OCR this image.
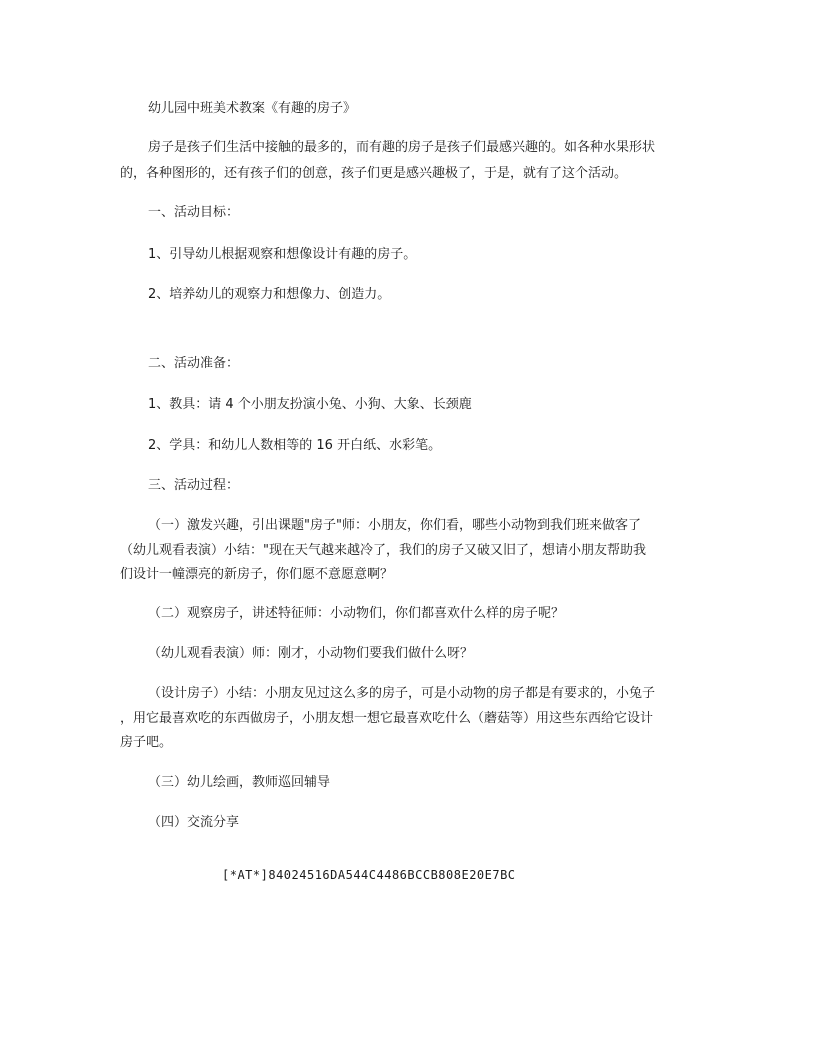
幼儿园中班美术教案《有趣的房子》
房子是孩子们生活中接触的最多的，而有趣的房子是孩子们最感兴趣的。如各种水果形状
的，各种图形的，还有孩子们的创意，孩子们更是感兴趣极了，于是，就有了这个活动。
一、活动目标：
1、引导幼儿根据观察和想像设计有趣的房子。
2、培养幼儿的观察力和想像力、创造力。
二、活动准备：
1、教具：请 4 个小朋友扮演小兔、小狗、大象、长颈鹿
2、学具：和幼儿人数相等的 16 开白纸、水彩笔。
三、活动过程：
（一）激发兴趣，引出课题"房子"师：小朋友，你们看，哪些小动物到我们班来做客了
（幼儿观看表演）小结："现在天气越来越冷了，我们的房子又破又旧了，想请小朋友帮助我
们设计一幢漂亮的新房子，你们愿不意愿意啊？
（二）观察房子，讲述特征师：小动物们，你们都喜欢什么样的房子呢？
（幼儿观看表演）师：刚才，小动物们要我们做什么呀？
（设计房子）小结：小朋友见过这么多的房子，可是小动物的房子都是有要求的，小兔子
，用它最喜欢吃的东西做房子，小朋友想一想它最喜欢吃什么（蘑菇等）用这些东西给它设计
房子吧。
（三）幼儿绘画，教师巡回辅导
（四）交流分享
[*AT*]84024516DA544C4486BCCB808E20E7BC
